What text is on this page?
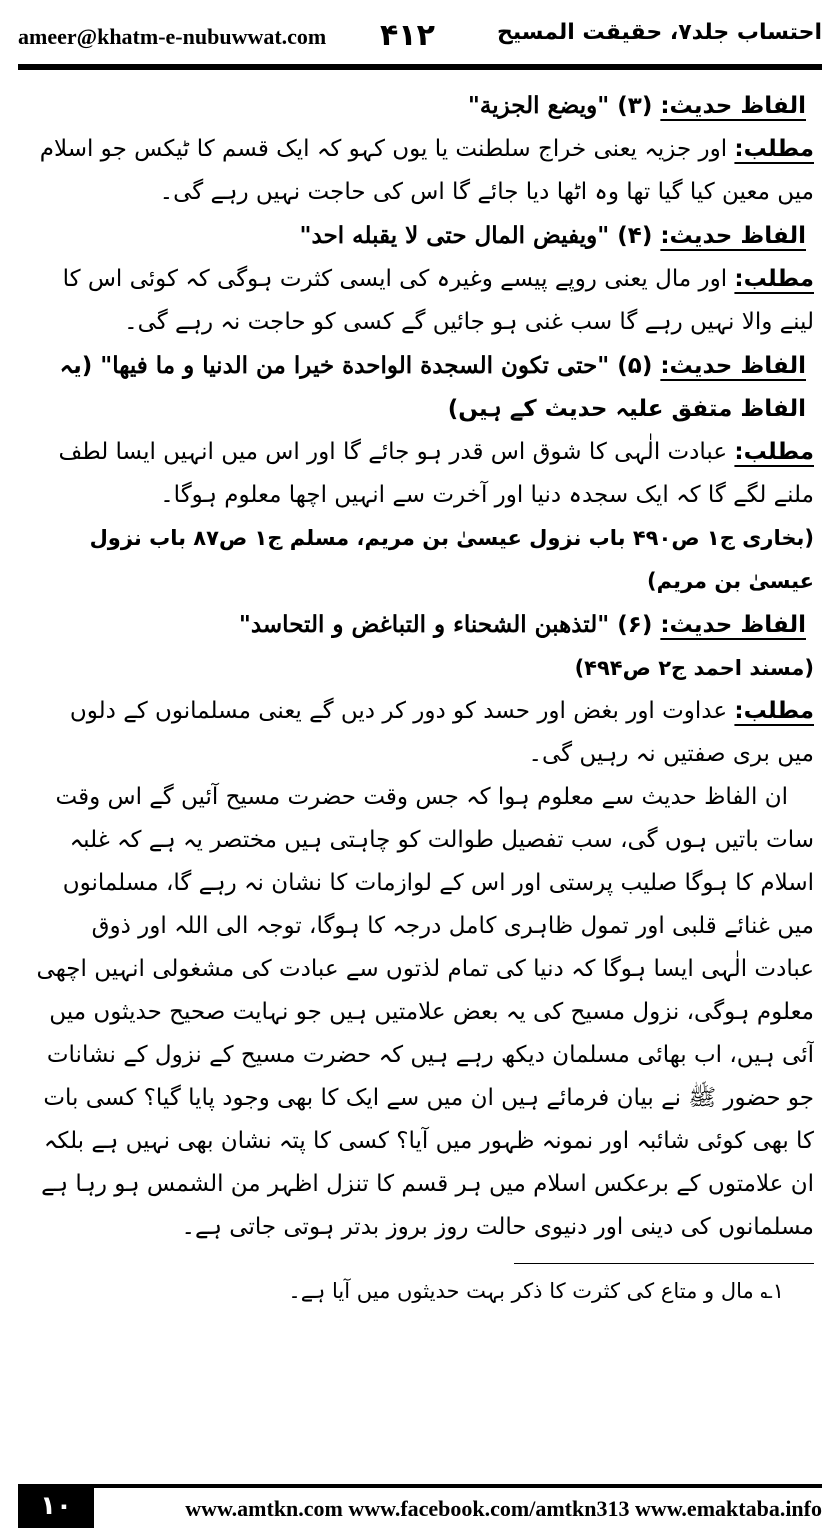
ameer@khatm-e-nubuwwat.com ۴۱۲	احتساب جلد۷، حقیقت المسیح

الفاظ حدیث: (۳) "ویضع الجزیة"

مطلب: اور جزیہ یعنی خراج سلطنت یا یوں کہو کہ ایک قسم کا ٹیکس جو اسلام میں معین کیا گیا تھا وہ اٹھا دیا جائے گا اس کی حاجت نہیں رہے گی۔

الفاظ حدیث: (۴) "ویفیض المال حتی لا یقبله احد"

مطلب: اور مال یعنی روپے پیسے وغیرہ کی ایسی کثرت ہوگی کہ کوئی اس کا لینے والا نہیں رہے گا سب غنی ہو جائیں گے کسی کو حاجت نہ رہے گی۔

الفاظ حدیث: (۵) "حتی تکون السجدة الواحدة خیرا من الدنیا و ما فیها" (یہ الفاظ متفق علیہ حدیث کے ہیں)

مطلب: عبادت الٰہی کا شوق اس قدر ہو جائے گا اور اس میں انہیں ایسا لطف ملنے لگے گا کہ ایک سجدہ دنیا اور آخرت سے انہیں اچھا معلوم ہوگا۔

(بخاری ج۱ ص۴۹۰ باب نزول عیسیٰ بن مریم، مسلم ج۱ ص۸۷ باب نزول عیسیٰ بن مریم)

الفاظ حدیث: (۶) "لتذهبن الشحناء و التباغض و التحاسد"

(مسند احمد ج۲ ص۴۹۴)

مطلب: عداوت اور بغض اور حسد کو دور کر دیں گے یعنی مسلمانوں کے دلوں میں بری صفتیں نہ رہیں گی۔

ان الفاظ حدیث سے معلوم ہوا کہ جس وقت حضرت مسیح آئیں گے اس وقت سات باتیں ہوں گی، سب تفصیل طوالت کو چاہتی ہیں مختصر یہ ہے کہ غلبہ اسلام کا ہوگا صلیب پرستی اور اس کے لوازمات کا نشان نہ رہے گا، مسلمانوں میں غنائے قلبی اور تمول ظاہری کامل درجہ کا ہوگا، توجہ الی اللہ اور ذوق عبادت الٰہی ایسا ہوگا کہ دنیا کی تمام لذتوں سے عبادت کی مشغولی انہیں اچھی معلوم ہوگی، نزول مسیح کی یہ بعض علامتیں ہیں جو نہایت صحیح حدیثوں میں آئی ہیں، اب بھائی مسلمان دیکھ رہے ہیں کہ حضرت مسیح کے نزول کے نشانات جو حضور ﷺ نے بیان فرمائے ہیں ان میں سے ایک کا بھی وجود پایا گیا؟ کسی بات کا بھی کوئی شائبہ اور نمونہ ظہور میں آیا؟ کسی کا پتہ نشان بھی نہیں ہے بلکہ ان علامتوں کے برعکس اسلام میں ہر قسم کا تنزل اظہر من الشمس ہو رہا ہے مسلمانوں کی دینی اور دنیوی حالت روز بروز بدتر ہوتی جاتی ہے۔

۱؎ مال و متاع کی کثرت کا ذکر بہت حدیثوں میں آیا ہے۔

۱۰	www.amtkn.com www.facebook.com/amtkn313 www.emaktaba.info
